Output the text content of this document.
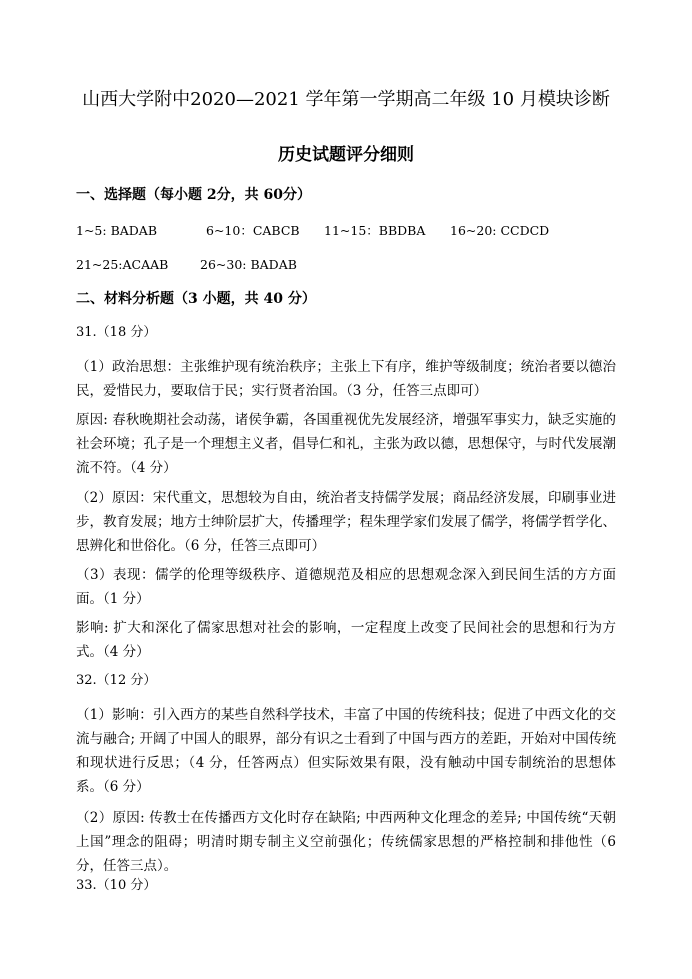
山西大学附中2020—2021 学年第一学期高二年级 10 月模块诊断
历史试题评分细则
一、选择题（每小题 2分，共 60分）
1~5: BADAB	6~10：CABCB 11~15：BBDBA 16~20: CCDCD
21~25:ACAAB	26~30: BADAB
二、材料分析题（3 小题，共 40 分）
31.（18 分）
（1）政治思想：主张维护现有统治秩序；主张上下有序，维护等级制度；统治者要以德治民，爱惜民力，要取信于民；实行贤者治国。（3 分，任答三点即可）
原因: 春秋晚期社会动荡，诸侯争霸，各国重视优先发展经济，增强军事实力，缺乏实施的社会环境；孔子是一个理想主义者，倡导仁和礼，主张为政以德，思想保守，与时代发展潮流不符。（4 分）
（2）原因：宋代重文，思想较为自由，统治者支持儒学发展；商品经济发展，印刷事业进步，教育发展；地方士绅阶层扩大，传播理学；程朱理学家们发展了儒学，将儒学哲学化、思辨化和世俗化。（6 分，任答三点即可）
（3）表现：儒学的伦理等级秩序、道德规范及相应的思想观念深入到民间生活的方方面面。（1 分）
影响: 扩大和深化了儒家思想对社会的影响，一定程度上改变了民间社会的思想和行为方式。（4 分）
32.（12 分）
（1）影响：引入西方的某些自然科学技术，丰富了中国的传统科技；促进了中西文化的交流与融合; 开阔了中国人的眼界，部分有识之士看到了中国与西方的差距，开始对中国传统和现状进行反思；（4 分，任答两点）但实际效果有限，没有触动中国专制统治的思想体系。（6 分）
（2）原因: 传教士在传播西方文化时存在缺陷; 中西两种文化理念的差异; 中国传统“天朝上国”理念的阻碍；明清时期专制主义空前强化；传统儒家思想的严格控制和排他性（6 分，任答三点）。
33.（10 分）
